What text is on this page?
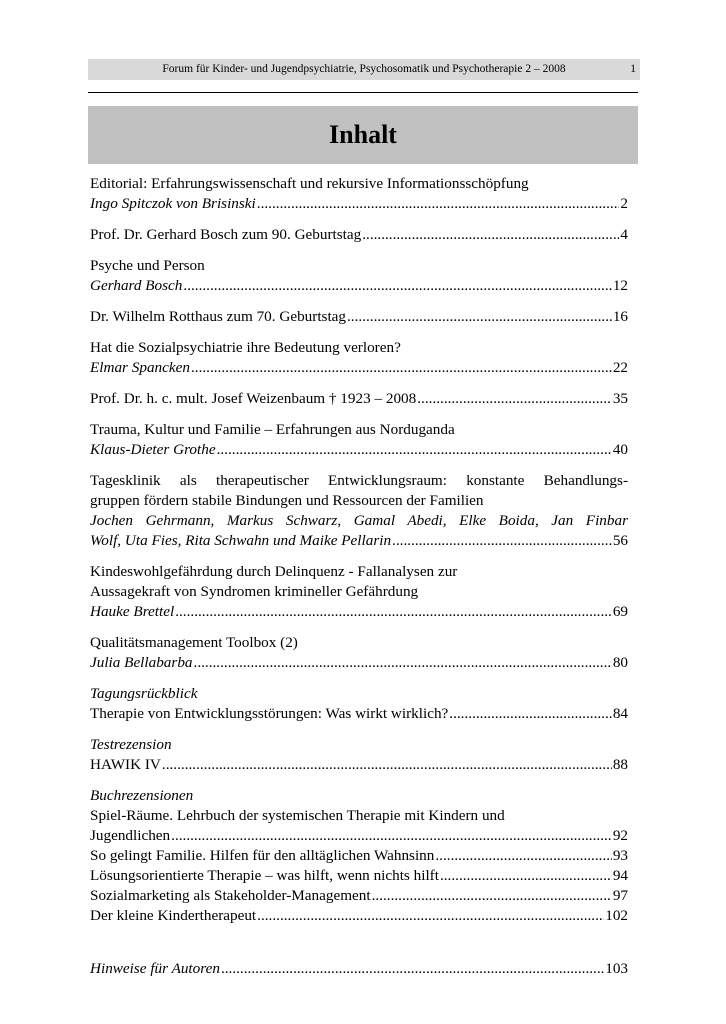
Forum für Kinder- und Jugendpsychiatrie, Psychosomatik und Psychotherapie 2 – 2008	1
Inhalt
Editorial: Erfahrungswissenschaft und rekursive Informationsschöpfung
Ingo Spitczok von Brisinski .....	2
Prof. Dr. Gerhard Bosch zum 90. Geburtstag .....	4
Psyche und Person
Gerhard Bosch .....	12
Dr. Wilhelm Rotthaus zum 70. Geburtstag .....	16
Hat die Sozialpsychiatrie ihre Bedeutung verloren?
Elmar Spancken .....	22
Prof. Dr. h. c. mult. Josef Weizenbaum † 1923 – 2008 .....	35
Trauma, Kultur und Familie – Erfahrungen aus Norduganda
Klaus-Dieter Grothe .....	40
Tagesklinik als therapeutischer Entwicklungsraum: konstante Behandlungs-
gruppen fördern stabile Bindungen und Ressourcen der Familien
Jochen Gehrmann, Markus Schwarz, Gamal Abedi, Elke Boida, Jan Finbar
Wolf, Uta Fies, Rita Schwahn und Maike Pellarin .....	56
Kindeswohlgefährdung durch Delinquenz - Fallanalysen zur
Aussagekraft von Syndromen krimineller Gefährdung
Hauke Brettel .....	69
Qualitätsmanagement Toolbox (2)
Julia Bellabarba .....	80
Tagungsrückblick
Therapie von Entwicklungsstörungen: Was wirkt wirklich? .....	84
Testrezension
HAWIK IV .....	88
Buchrezensionen
Spiel-Räume. Lehrbuch der systemischen Therapie mit Kindern und
Jugendlichen .....	92
So gelingt Familie. Hilfen für den alltäglichen Wahnsinn .....	93
Lösungsorientierte Therapie – was hilft, wenn nichts hilft .....	94
Sozialmarketing als Stakeholder-Management .....	97
Der kleine Kindertherapeut .....	102
Hinweise für Autoren .....	103
